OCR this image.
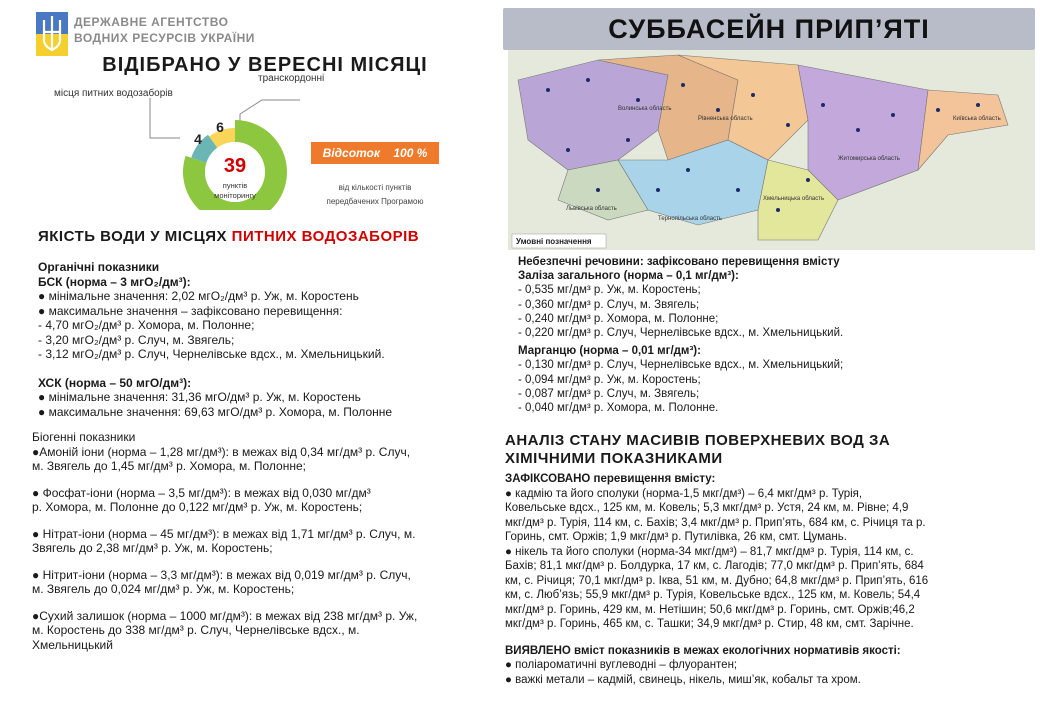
ДЕРЖАВНЕ АГЕНТСТВО
ВОДНИХ РЕСУРСІВ УКРАЇНИ
ВІДІБРАНО У ВЕРЕСНІ МІСЯЦІ
СУББАСЕЙН ПРИП’ЯТІ
місця питних водозаборів
транскордонні
4
6
39
пунктів
моніторингу
Відсоток 100 %
від кількості пунктів
передбачених Програмою
ЯКІСТЬ ВОДИ У МІСЦЯХ ПИТНИХ ВОДОЗАБОРІВ
Органічні показники
БСК (норма – 3 мгО₂/дм³):
● мінімальне значення: 2,02 мгО₂/дм³ р. Уж, м. Коростень
● максимальне значення – зафіксовано перевищення:
- 4,70 мгО₂/дм³ р. Хомора, м. Полонне;
- 3,20 мгО₂/дм³ р. Случ, м. Звягель;
- 3,12 мгО₂/дм³ р. Случ, Чернелівське вдсх., м. Хмельницький.
ХСК (норма – 50 мгО/дм³):
● мінімальне значення: 31,36 мгО/дм³ р. Уж, м. Коростень
● максимальне значення: 69,63 мгО/дм³ р. Хомора, м. Полонне
Біогенні показники
●Амоній іони (норма – 1,28 мг/дм³): в межах від 0,34 мг/дм³ р. Случ,
м. Звягель до 1,45 мг/дм³ р. Хомора, м. Полонне;
● Фосфат-іони (норма – 3,5 мг/дм³): в межах від 0,030 мг/дм³
р. Хомора, м. Полонне до 0,122 мг/дм³ р. Уж, м. Коростень;
● Нітрат-іони (норма – 45 мг/дм³): в межах від 1,71 мг/дм³ р. Случ, м.
Звягель до 2,38 мг/дм³ р. Уж, м. Коростень;
● Нітрит-іони (норма – 3,3 мг/дм³): в межах від 0,019 мг/дм³ р. Случ,
м. Звягель до 0,024 мг/дм³ р. Уж, м. Коростень;
●Сухий залишок (норма – 1000 мг/дм³): в межах від 238 мг/дм³ р. Уж,
м. Коростень до 338 мг/дм³ р. Случ, Чернелівське вдсх., м.
Хмельницький
Волинська область
Рівненська область
Житомирська область
Київська область
Хмельницька область
Львівська область
Тернопільська область
Умовні позначення
Небезпечні речовини: зафіксовано перевищення вмісту
Заліза загального (норма – 0,1 мг/дм³):
- 0,535 мг/дм³ р. Уж, м. Коростень;
- 0,360 мг/дм³ р. Случ, м. Звягель;
- 0,240 мг/дм³ р. Хомора, м. Полонне;
- 0,220 мг/дм³ р. Случ, Чернелівське вдсх., м. Хмельницький.
Марганцю (норма – 0,01 мг/дм³):
- 0,130 мг/дм³ р. Случ, Чернелівське вдсх., м. Хмельницький;
- 0,094 мг/дм³ р. Уж, м. Коростень;
- 0,087 мг/дм³ р. Случ, м. Звягель;
- 0,040 мг/дм³ р. Хомора, м. Полонне.
АНАЛІЗ СТАНУ МАСИВІВ ПОВЕРХНЕВИХ ВОД ЗА
ХІМІЧНИМИ ПОКАЗНИКАМИ
ЗАФІКСОВАНО перевищення вмісту:
● кадмію та його сполуки (норма-1,5 мкг/дм³) – 6,4 мкг/дм³ р. Турія,
Ковельське вдсх., 125 км, м. Ковель; 5,3 мкг/дм³ р. Устя, 24 км, м. Рівне; 4,9
мкг/дм³ р. Турія, 114 км, с. Бахів; 3,4 мкг/дм³ р. Прип’ять, 684 км, с. Річиця та р.
Горинь, смт. Оржів; 1,9 мкг/дм³ р. Путилівка, 26 км, смт. Цумань.
● нікель та його сполуки (норма-34 мкг/дм³) – 81,7 мкг/дм³ р. Турія, 114 км, с.
Бахів; 81,1 мкг/дм³ р. Болдурка, 17 км, с. Лагодів; 77,0 мкг/дм³ р. Прип’ять, 684
км, с. Річиця; 70,1 мкг/дм³ р. Іква, 51 км, м. Дубно; 64,8 мкг/дм³ р. Прип’ять, 616
км, с. Люб’язь; 55,9 мкг/дм³ р. Турія, Ковельське вдсх., 125 км, м. Ковель; 54,4
мкг/дм³ р. Горинь, 429 км, м. Нетішин; 50,6 мкг/дм³ р. Горинь, смт. Оржів;46,2
мкг/дм³ р. Горинь, 465 км, с. Ташки; 34,9 мкг/дм³ р. Стир, 48 км, смт. Зарічне.
ВИЯВЛЕНО вміст показників в межах екологічних нормативів якості:
● поліароматичні вуглеводні – флуорантен;
● важкі метали – кадмій, свинець, нікель, миш’як, кобальт та хром.
